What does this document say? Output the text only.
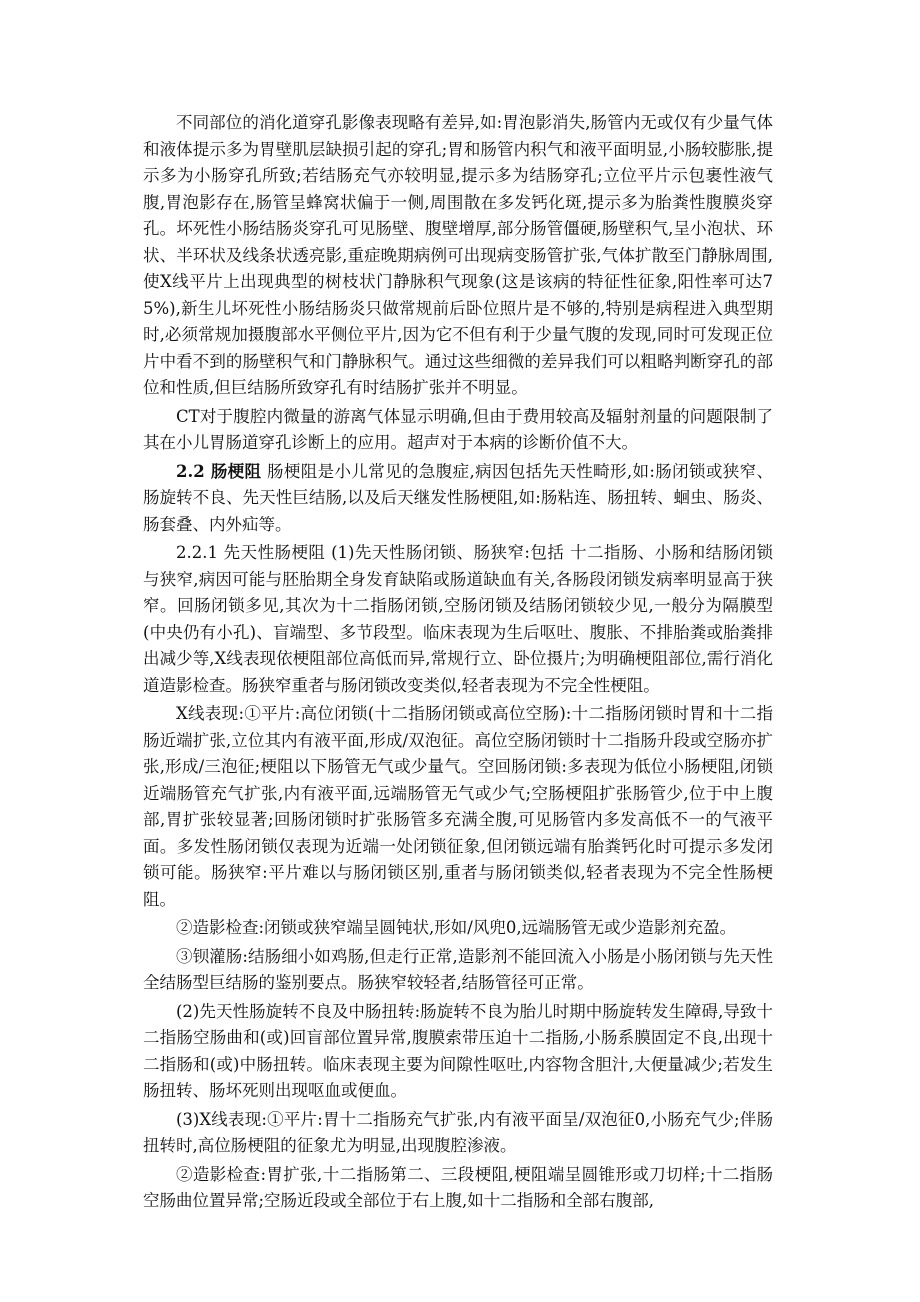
不同部位的消化道穿孔影像表现略有差异,如:胃泡影消失,肠管内无或仅有少量气体和液体提示多为胃壁肌层缺损引起的穿孔;胃和肠管内积气和液平面明显,小肠较膨胀,提示多为小肠穿孔所致;若结肠充气亦较明显,提示多为结肠穿孔;立位平片示包裹性液气腹,胃泡影存在,肠管呈蜂窝状偏于一侧,周围散在多发钙化斑,提示多为胎粪性腹膜炎穿孔。坏死性小肠结肠炎穿孔可见肠壁、腹壁增厚,部分肠管僵硬,肠壁积气,呈小泡状、环状、半环状及线条状透亮影,重症晚期病例可出现病变肠管扩张,气体扩散至门静脉周围,使X线平片上出现典型的树枝状门静脉积气现象(这是该病的特征性征象,阳性率可达75%),新生儿坏死性小肠结肠炎只做常规前后卧位照片是不够的,特别是病程进入典型期时,必须常规加摄腹部水平侧位平片,因为它不但有利于少量气腹的发现,同时可发现正位片中看不到的肠壁积气和门静脉积气。通过这些细微的差异我们可以粗略判断穿孔的部位和性质,但巨结肠所致穿孔有时结肠扩张并不明显。

CT对于腹腔内微量的游离气体显示明确,但由于费用较高及辐射剂量的问题限制了其在小儿胃肠道穿孔诊断上的应用。超声对于本病的诊断价值不大。

2.2 肠梗阻 肠梗阻是小儿常见的急腹症,病因包括先天性畸形,如:肠闭锁或狭窄、肠旋转不良、先天性巨结肠,以及后天继发性肠梗阻,如:肠粘连、肠扭转、蛔虫、肠炎、肠套叠、内外疝等。

2.2.1 先天性肠梗阻 (1)先天性肠闭锁、肠狭窄:包括 十二指肠、小肠和结肠闭锁与狭窄,病因可能与胚胎期全身发育缺陷或肠道缺血有关,各肠段闭锁发病率明显高于狭窄。回肠闭锁多见,其次为十二指肠闭锁,空肠闭锁及结肠闭锁较少见,一般分为隔膜型(中央仍有小孔)、盲端型、多节段型。临床表现为生后呕吐、腹胀、不排胎粪或胎粪排出减少等,X线表现依梗阻部位高低而异,常规行立、卧位摄片;为明确梗阻部位,需行消化道造影检查。肠狭窄重者与肠闭锁改变类似,轻者表现为不完全性梗阻。

X线表现:①平片:高位闭锁(十二指肠闭锁或高位空肠):十二指肠闭锁时胃和十二指肠近端扩张,立位其内有液平面,形成/双泡征。高位空肠闭锁时十二指肠升段或空肠亦扩张,形成/三泡征;梗阻以下肠管无气或少量气。空回肠闭锁:多表现为低位小肠梗阻,闭锁近端肠管充气扩张,内有液平面,远端肠管无气或少气;空肠梗阻扩张肠管少,位于中上腹部,胃扩张较显著;回肠闭锁时扩张肠管多充满全腹,可见肠管内多发高低不一的气液平面。多发性肠闭锁仅表现为近端一处闭锁征象,但闭锁远端有胎粪钙化时可提示多发闭锁可能。肠狭窄:平片难以与肠闭锁区别,重者与肠闭锁类似,轻者表现为不完全性肠梗阻。

②造影检查:闭锁或狭窄端呈圆钝状,形如/风兜0,远端肠管无或少造影剂充盈。

③钡灌肠:结肠细小如鸡肠,但走行正常,造影剂不能回流入小肠是小肠闭锁与先天性全结肠型巨结肠的鉴别要点。肠狭窄较轻者,结肠管径可正常。

(2)先天性肠旋转不良及中肠扭转:肠旋转不良为胎儿时期中肠旋转发生障碍,导致十二指肠空肠曲和(或)回盲部位置异常,腹膜索带压迫十二指肠,小肠系膜固定不良,出现十二指肠和(或)中肠扭转。临床表现主要为间隙性呕吐,内容物含胆汁,大便量减少;若发生肠扭转、肠坏死则出现呕血或便血。

(3)X线表现:①平片:胃十二指肠充气扩张,内有液平面呈/双泡征0,小肠充气少;伴肠扭转时,高位肠梗阻的征象尤为明显,出现腹腔渗液。

②造影检查:胃扩张,十二指肠第二、三段梗阻,梗阻端呈圆锥形或刀切样;十二指肠空肠曲位置异常;空肠近段或全部位于右上腹,如十二指肠和全部右腹部,
